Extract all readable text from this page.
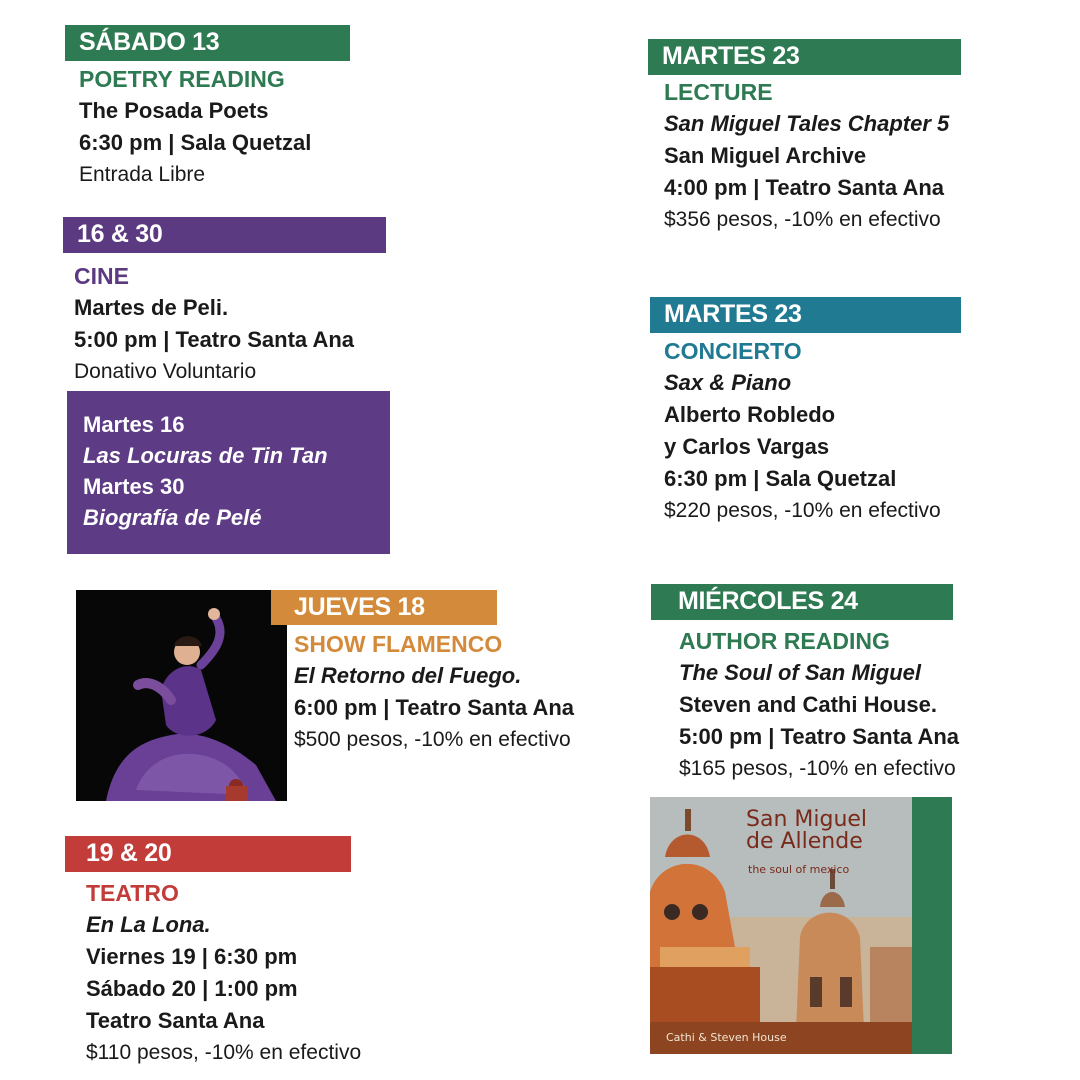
SÁBADO 13
POETRY READING
The Posada Poets
6:30 pm | Sala Quetzal
Entrada Libre
16 & 30
CINE
Martes de Peli.
5:00 pm | Teatro Santa Ana
Donativo Voluntario
Martes 16
Las Locuras de Tin Tan
Martes 30
Biografía de Pelé
JUEVES 18
SHOW FLAMENCO
El Retorno del Fuego.
6:00 pm | Teatro Santa Ana
$500 pesos, -10% en efectivo
19 & 20
TEATRO
En La Lona.
Viernes 19 | 6:30 pm
Sábado 20 | 1:00 pm
Teatro Santa Ana
$110 pesos, -10% en efectivo
MARTES 23
LECTURE
San Miguel Tales Chapter 5
San Miguel Archive
4:00 pm | Teatro Santa Ana
$356 pesos, -10% en efectivo
MARTES 23
CONCIERTO
Sax & Piano
Alberto Robledo
y Carlos Vargas
6:30 pm | Sala Quetzal
$220 pesos, -10% en efectivo
MIÉRCOLES 24
AUTHOR READING
The Soul of San Miguel
Steven and Cathi House.
5:00 pm | Teatro Santa Ana
$165 pesos, -10% en efectivo
San Miguel
de Allende
the soul of mexico
Cathi & Steven House
